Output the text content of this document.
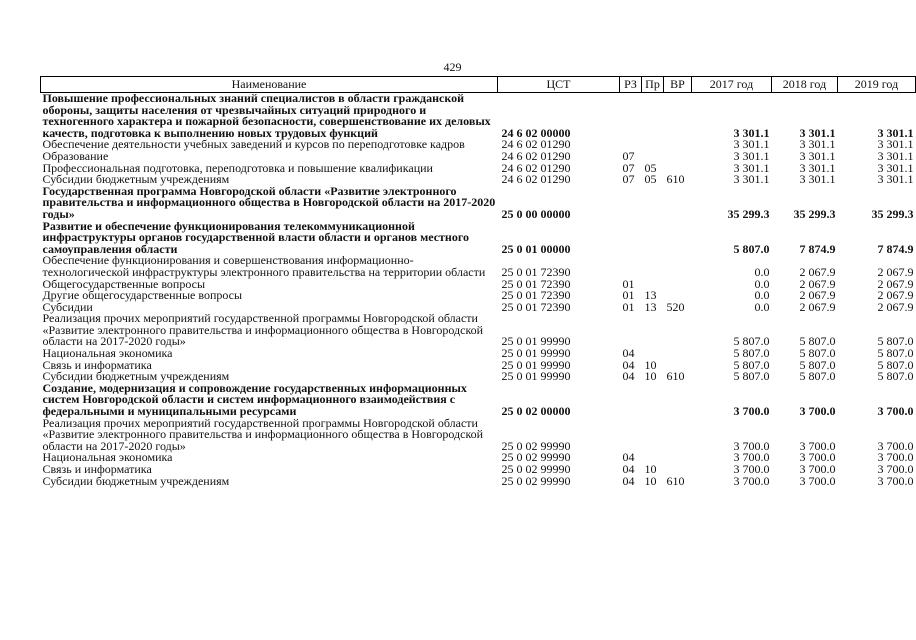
429
Наименование	ЦСТ	РЗ	Пр	ВР	2017 год	2018 год	2019 год
Повышение профессиональных знаний специалистов в области гражданской обороны, защиты населения от чрезвычайных ситуаций природного и техногенного характера и пожарной безопасности, совершенствование их деловых качеств, подготовка к выполнению новых трудовых функций	24 6 02 00000				3 301.1	3 301.1	3 301.1
Обеспечение деятельности учебных заведений и курсов по переподготовке кадров	24 6 02 01290				3 301.1	3 301.1	3 301.1
Образование	24 6 02 01290	07			3 301.1	3 301.1	3 301.1
Профессиональная подготовка, переподготовка и повышение квалификации	24 6 02 01290	07	05		3 301.1	3 301.1	3 301.1
Субсидии бюджетным учреждениям	24 6 02 01290	07	05	610	3 301.1	3 301.1	3 301.1
Государственная программа Новгородской области «Развитие электронного правительства и информационного общества в Новгородской области на 2017-2020 годы»	25 0 00 00000				35 299.3	35 299.3	35 299.3
Развитие и обеспечение функционирования телекоммуникационной инфраструктуры органов государственной власти области и органов местного самоуправления области	25 0 01 00000				5 807.0	7 874.9	7 874.9
Обеспечение функционирования и совершенствования информационно- технологической инфраструктуры электронного правительства на территории области	25 0 01 72390				0.0	2 067.9	2 067.9
Общегосударственные вопросы	25 0 01 72390	01			0.0	2 067.9	2 067.9
Другие общегосударственные вопросы	25 0 01 72390	01	13		0.0	2 067.9	2 067.9
Субсидии	25 0 01 72390	01	13	520	0.0	2 067.9	2 067.9
Реализация прочих мероприятий государственной программы Новгородской области «Развитие электронного правительства и информационного общества в Новгородской области на 2017-2020 годы»	25 0 01 99990				5 807.0	5 807.0	5 807.0
Национальная экономика	25 0 01 99990	04			5 807.0	5 807.0	5 807.0
Связь и информатика	25 0 01 99990	04	10		5 807.0	5 807.0	5 807.0
Субсидии бюджетным учреждениям	25 0 01 99990	04	10	610	5 807.0	5 807.0	5 807.0
Создание, модернизация и сопровождение государственных информационных систем Новгородской области и систем информационного взаимодействия с федеральными и муниципальными ресурсами	25 0 02 00000				3 700.0	3 700.0	3 700.0
Реализация прочих мероприятий государственной программы Новгородской области «Развитие электронного правительства и информационного общества в Новгородской области на 2017-2020 годы»	25 0 02 99990				3 700.0	3 700.0	3 700.0
Национальная экономика	25 0 02 99990	04			3 700.0	3 700.0	3 700.0
Связь и информатика	25 0 02 99990	04	10		3 700.0	3 700.0	3 700.0
Субсидии бюджетным учреждениям	25 0 02 99990	04	10	610	3 700.0	3 700.0	3 700.0
